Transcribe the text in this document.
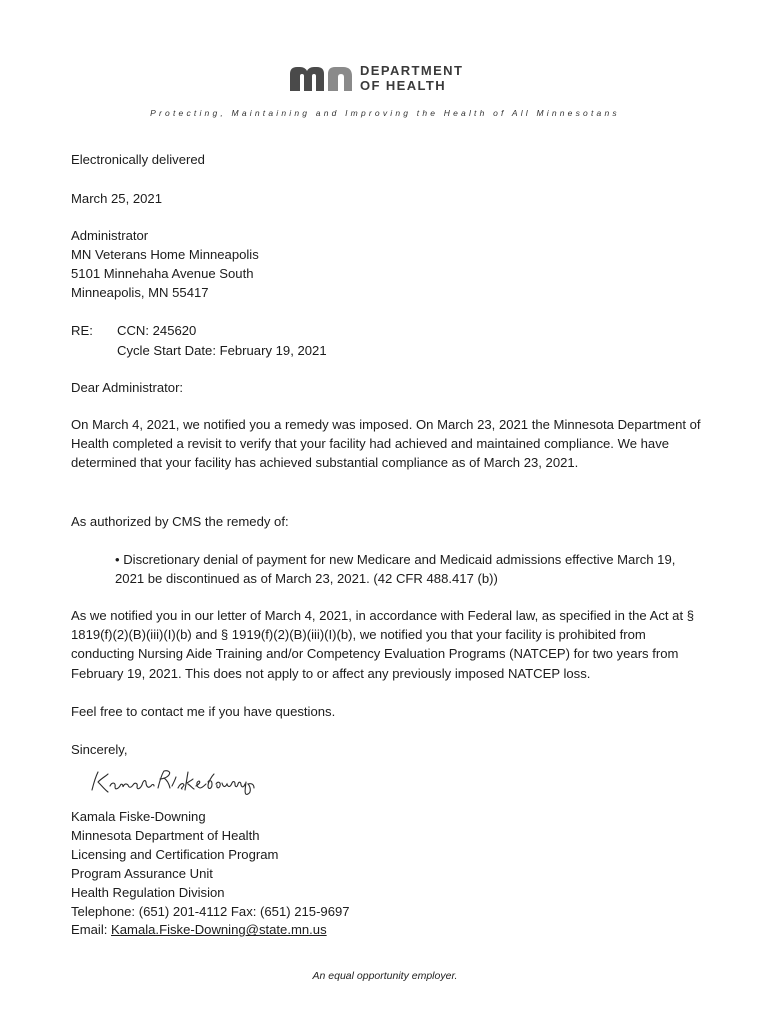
DEPARTMENT
OF HEALTH
Protecting, Maintaining and Improving the Health of All Minnesotans
Electronically delivered
March 25, 2021
Administrator
MN Veterans Home Minneapolis
5101 Minnehaha Avenue South
Minneapolis, MN 55417
RE: CCN: 245620
Cycle Start Date: February 19, 2021
Dear Administrator:
On March 4, 2021, we notified you a remedy was imposed. On March 23, 2021 the Minnesota Department of Health completed a revisit to verify that your facility had achieved and maintained compliance. We have determined that your facility has achieved substantial compliance as of March 23, 2021.
As authorized by CMS the remedy of:
• Discretionary denial of payment for new Medicare and Medicaid admissions effective March 19, 2021 be discontinued as of March 23, 2021. (42 CFR 488.417 (b))
As we notified you in our letter of March 4, 2021, in accordance with Federal law, as specified in the Act at § 1819(f)(2)(B)(iii)(I)(b) and § 1919(f)(2)(B)(iii)(I)(b), we notified you that your facility is prohibited from conducting Nursing Aide Training and/or Competency Evaluation Programs (NATCEP) for two years from February 19, 2021. This does not apply to or affect any previously imposed NATCEP loss.
Feel free to contact me if you have questions.
Sincerely,
Kamala Fiske-Downing
Minnesota Department of Health
Licensing and Certification Program
Program Assurance Unit
Health Regulation Division
Telephone: (651) 201-4112 Fax: (651) 215-9697
Email: Kamala.Fiske-Downing@state.mn.us
An equal opportunity employer.
